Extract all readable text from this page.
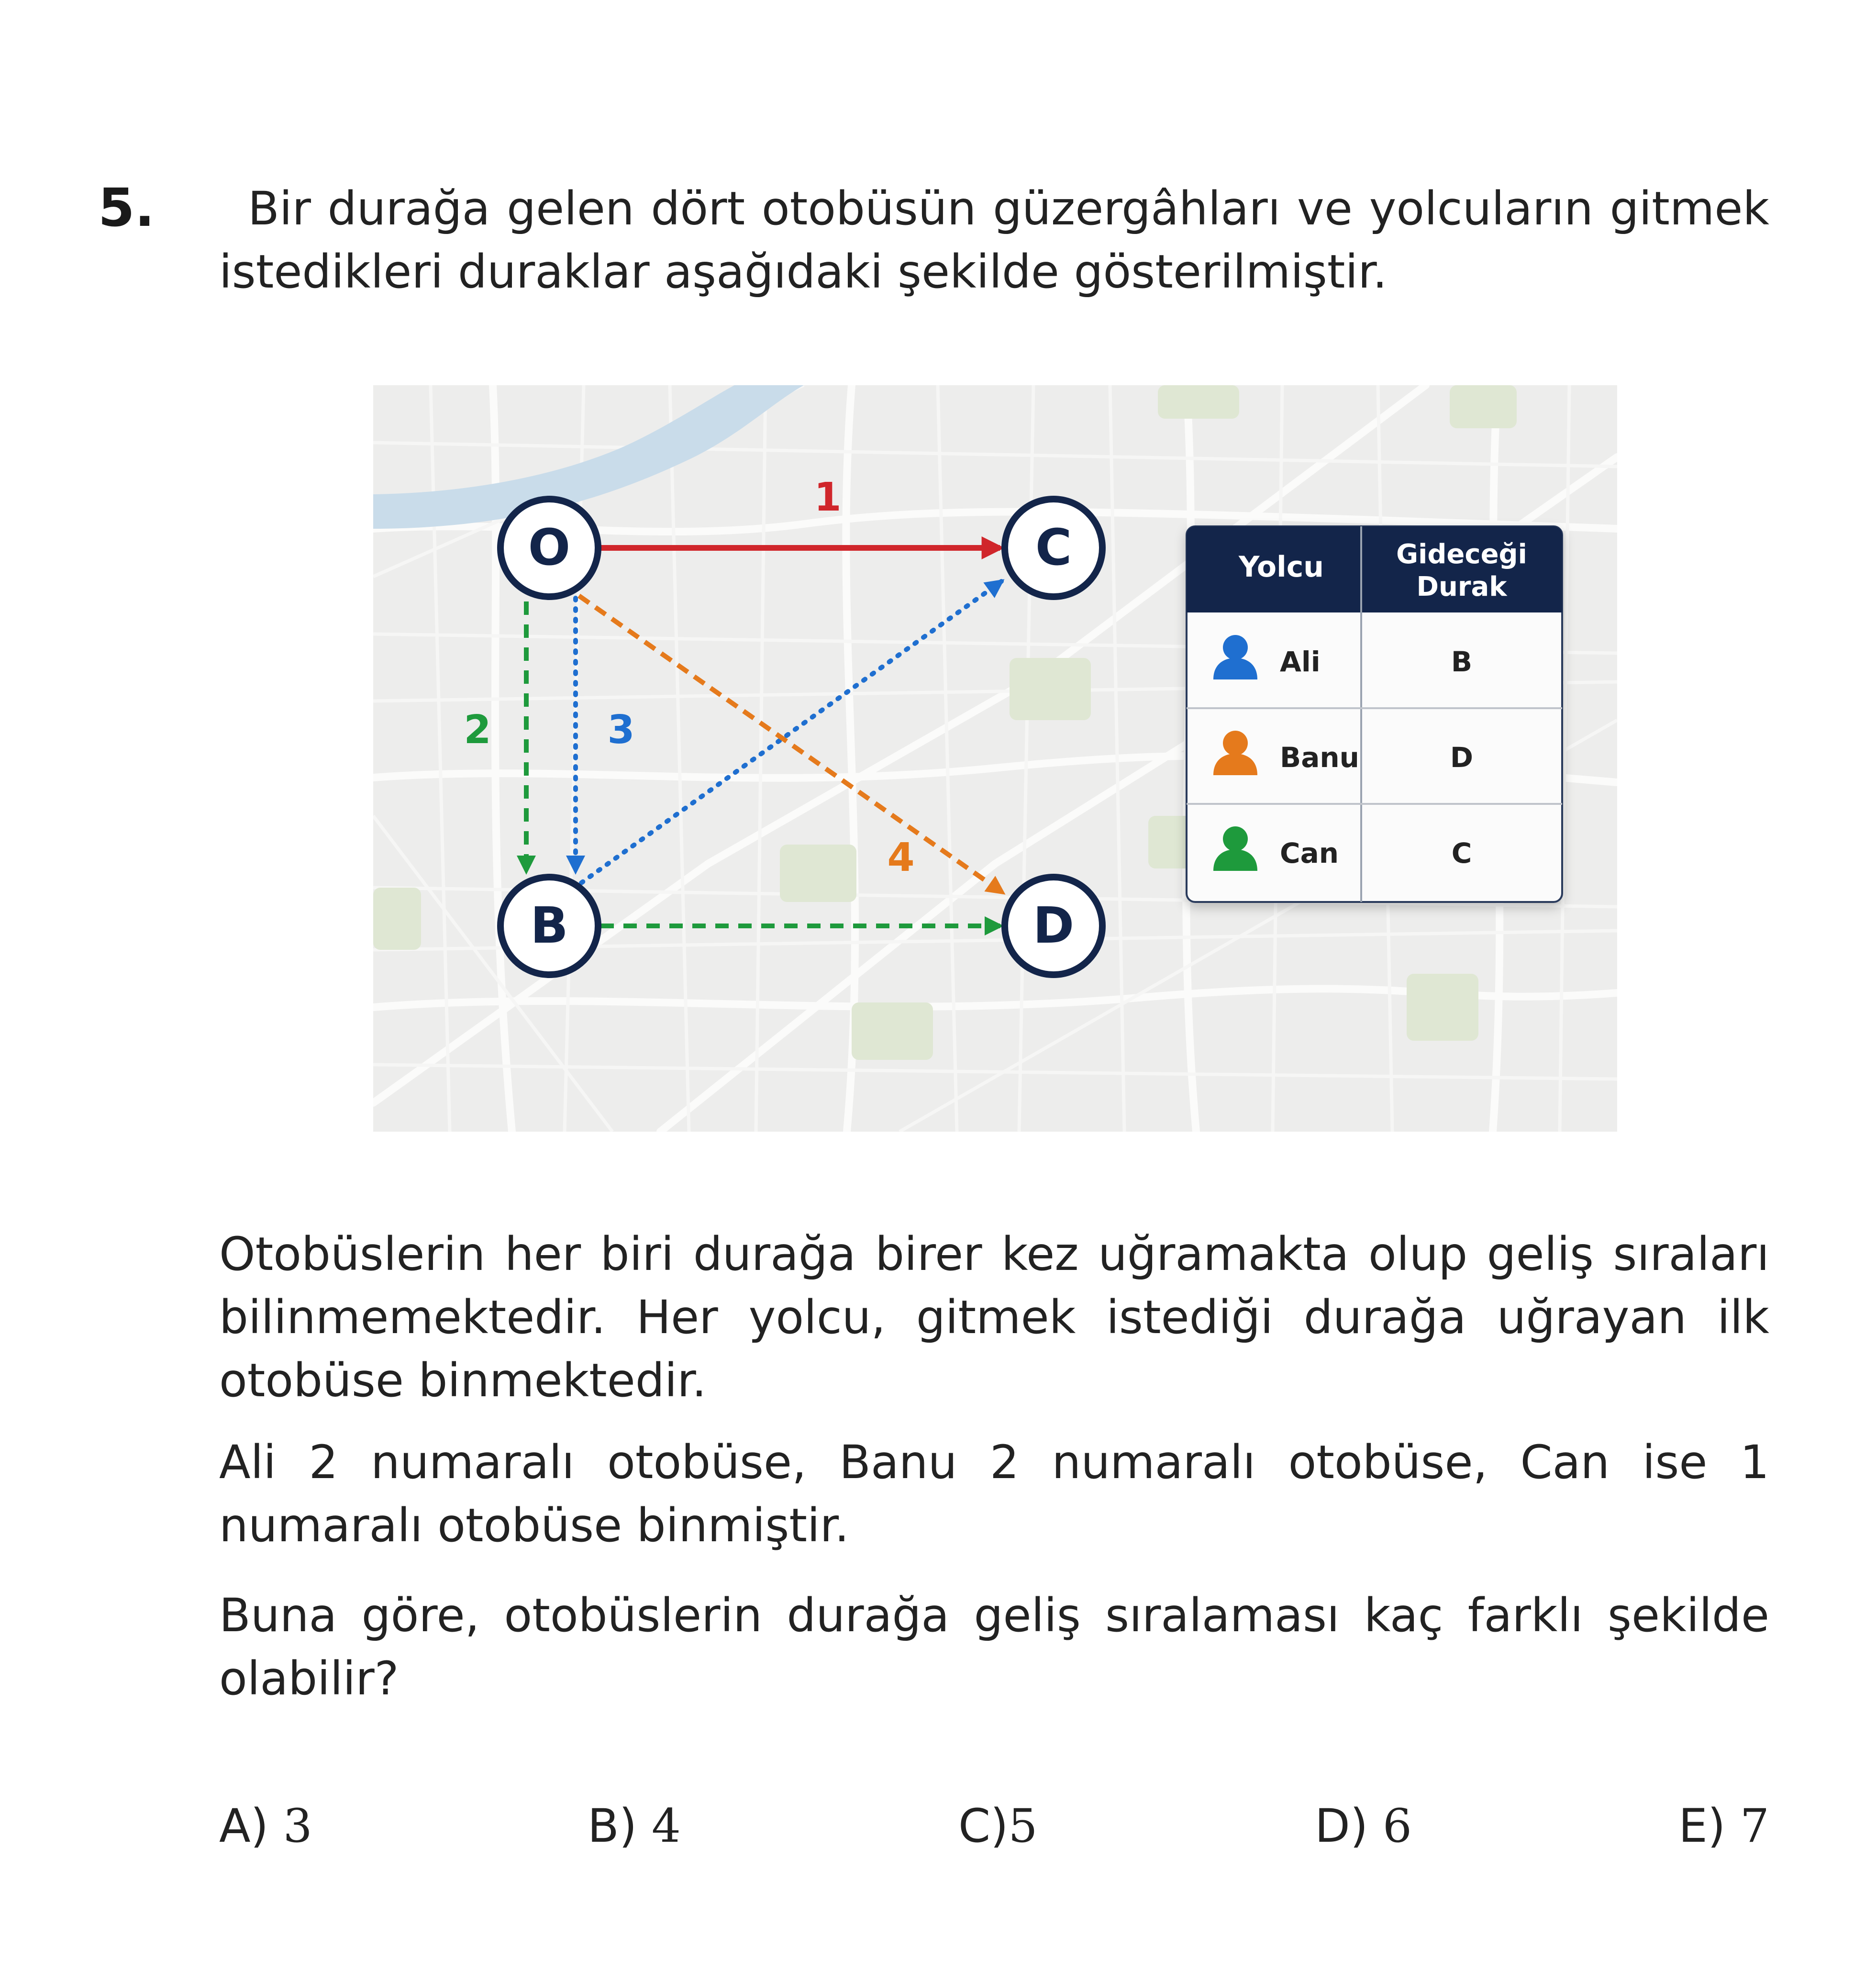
5.	Bir durağa gelen dört otobüsün güzergâhları ve yolcuların gitmek istedikleri duraklar aşağıdaki şekilde gösterilmiştir.
1
2	3
4
O	C
B	D
Yolcu	Gideceği
Durak
Ali	B
Banu	D
Can	C
Otobüslerin her biri durağa birer kez uğramakta olup geliş sıraları bilinmemektedir. Her yolcu, gitmek istediği durağa uğrayan ilk otobüse binmektedir.
Ali 2 numaralı otobüse, Banu 2 numaralı otobüse, Can ise 1 numaralı otobüse binmiştir.
Buna göre, otobüslerin durağa geliş sıralaması kaç farklı şekilde olabilir?
A) 3	B) 4	C)5	D) 6	E) 7
